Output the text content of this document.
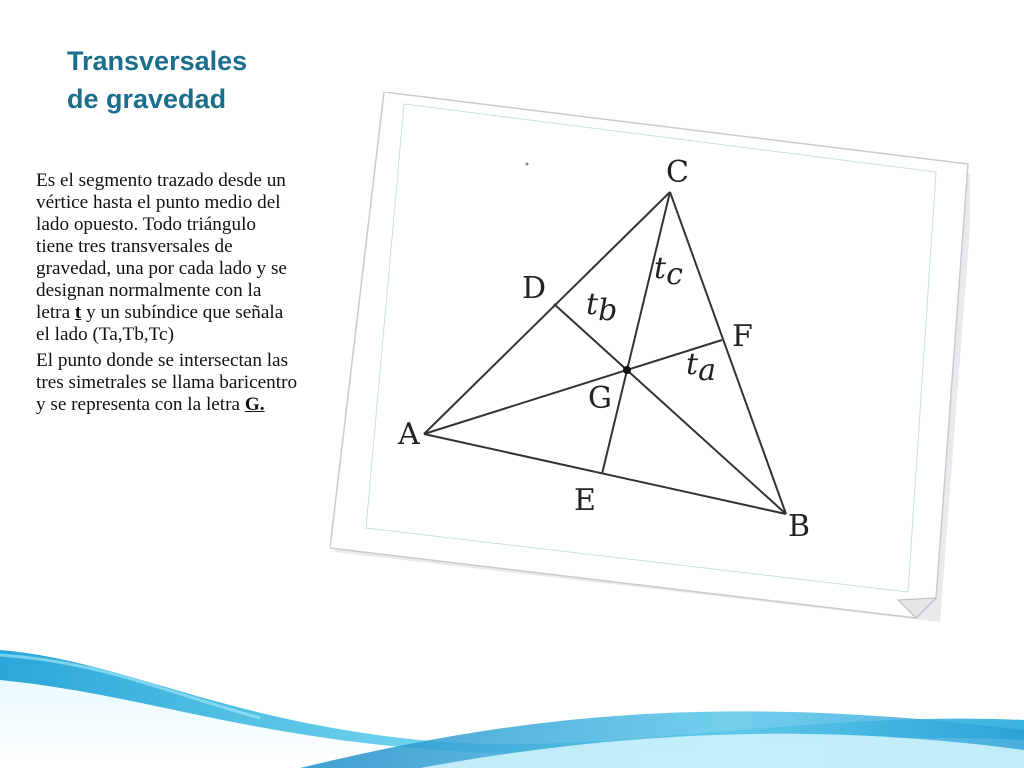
Transversales
de gravedad

Es el segmento trazado desde un vértice hasta el punto medio del lado opuesto. Todo triángulo tiene tres transversales de gravedad, una por cada lado y se designan normalmente con la letra t y un subíndice que señala el lado (Ta,Tb,Tc)

El punto donde se intersectan las tres simetrales se llama baricentro y se representa con la letra G.

C
A
B
D
E
F
G
tc
tb
ta
